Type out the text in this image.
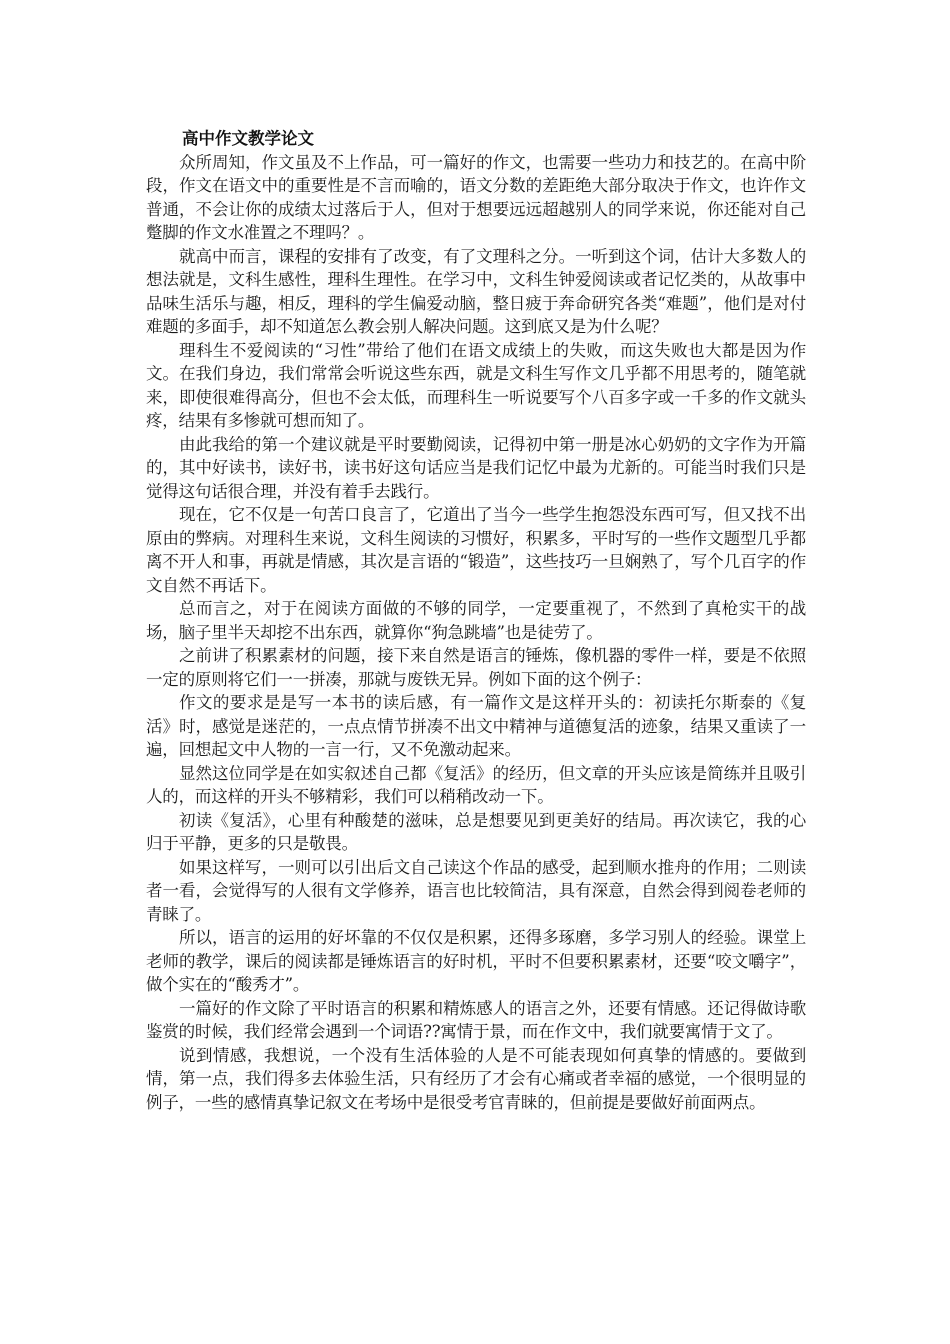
高中作文教学论文

众所周知，作文虽及不上作品，可一篇好的作文，也需要一些功力和技艺的。在高中阶段，作文在语文中的重要性是不言而喻的，语文分数的差距绝大部分取决于作文，也许作文普通，不会让你的成绩太过落后于人，但对于想要远远超越别人的同学来说，你还能对自己蹩脚的作文水准置之不理吗？。

就高中而言，课程的安排有了改变，有了文理科之分。一听到这个词，估计大多数人的想法就是，文科生感性，理科生理性。在学习中，文科生钟爱阅读或者记忆类的，从故事中品味生活乐与趣，相反，理科的学生偏爱动脑，整日疲于奔命研究各类“难题”，他们是对付难题的多面手，却不知道怎么教会别人解决问题。这到底又是为什么呢？

理科生不爱阅读的“习性”带给了他们在语文成绩上的失败，而这失败也大都是因为作文。在我们身边，我们常常会听说这些东西，就是文科生写作文几乎都不用思考的，随笔就来，即使很难得高分，但也不会太低，而理科生一听说要写个八百多字或一千多的作文就头疼，结果有多惨就可想而知了。

由此我给的第一个建议就是平时要勤阅读，记得初中第一册是冰心奶奶的文字作为开篇的，其中好读书，读好书，读书好这句话应当是我们记忆中最为尤新的。可能当时我们只是觉得这句话很合理，并没有着手去践行。

现在，它不仅是一句苦口良言了，它道出了当今一些学生抱怨没东西可写，但又找不出原由的弊病。对理科生来说，文科生阅读的习惯好，积累多，平时写的一些作文题型几乎都离不开人和事，再就是情感，其次是言语的“锻造”，这些技巧一旦娴熟了，写个几百字的作文自然不再话下。

总而言之，对于在阅读方面做的不够的同学，一定要重视了，不然到了真枪实干的战场，脑子里半天却挖不出东西，就算你“狗急跳墙”也是徒劳了。

之前讲了积累素材的问题，接下来自然是语言的锤炼，像机器的零件一样，要是不依照一定的原则将它们一一拼凑，那就与废铁无异。例如下面的这个例子：

作文的要求是是写一本书的读后感，有一篇作文是这样开头的：初读托尔斯泰的《复活》时，感觉是迷茫的，一点点情节拼凑不出文中精神与道德复活的迹象，结果又重读了一遍，回想起文中人物的一言一行，又不免激动起来。

显然这位同学是在如实叙述自己都《复活》的经历，但文章的开头应该是简练并且吸引人的，而这样的开头不够精彩，我们可以稍稍改动一下。

初读《复活》，心里有种酸楚的滋味，总是想要见到更美好的结局。再次读它，我的心归于平静，更多的只是敬畏。

如果这样写，一则可以引出后文自己读这个作品的感受，起到顺水推舟的作用；二则读者一看，会觉得写的人很有文学修养，语言也比较简洁，具有深意，自然会得到阅卷老师的青睐了。

所以，语言的运用的好坏靠的不仅仅是积累，还得多琢磨，多学习别人的经验。课堂上老师的教学，课后的阅读都是锤炼语言的好时机，平时不但要积累素材，还要“咬文嚼字”，做个实在的“酸秀才”。

一篇好的作文除了平时语言的积累和精炼感人的语言之外，还要有情感。还记得做诗歌鉴赏的时候，我们经常会遇到一个词语??寓情于景，而在作文中，我们就要寓情于文了。

说到情感，我想说，一个没有生活体验的人是不可能表现如何真挚的情感的。要做到情，第一点，我们得多去体验生活，只有经历了才会有心痛或者幸福的感觉，一个很明显的例子，一些的感情真挚记叙文在考场中是很受考官青睐的，但前提是要做好前面两点。
